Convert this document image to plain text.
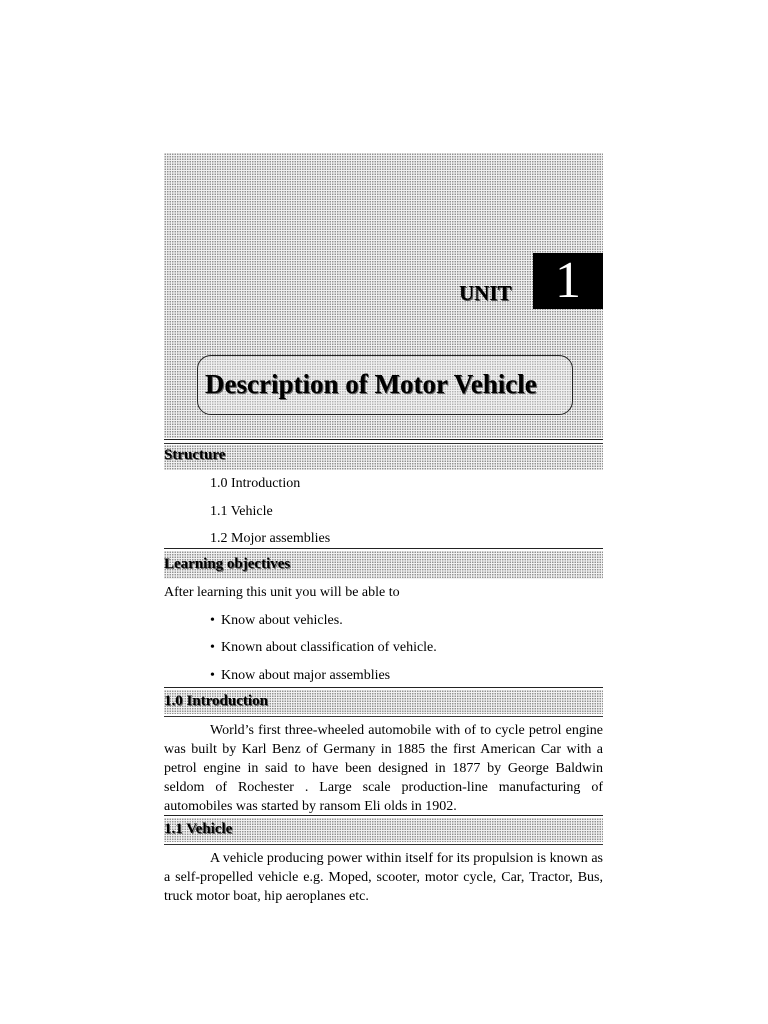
UNIT 1
Description of Motor Vehicle
Structure
1.0 Introduction
1.1 Vehicle
1.2 Mojor assemblies
Learning objectives
After learning this unit you will be able to
• Know about vehicles.
• Known about classification of vehicle.
• Know about major assemblies
1.0 Introduction
World’s first three-wheeled automobile with of to cycle petrol engine was built by Karl Benz of Germany in 1885 the first American Car with a petrol engine in said to have been designed in 1877 by George Baldwin seldom of Rochester . Large scale production-line manufacturing of automobiles was started by ransom Eli olds in 1902.
1.1 Vehicle
A vehicle producing power within itself for its propulsion is known as a self-propelled vehicle e.g. Moped, scooter, motor cycle, Car, Tractor, Bus, truck motor boat, hip aeroplanes etc.
